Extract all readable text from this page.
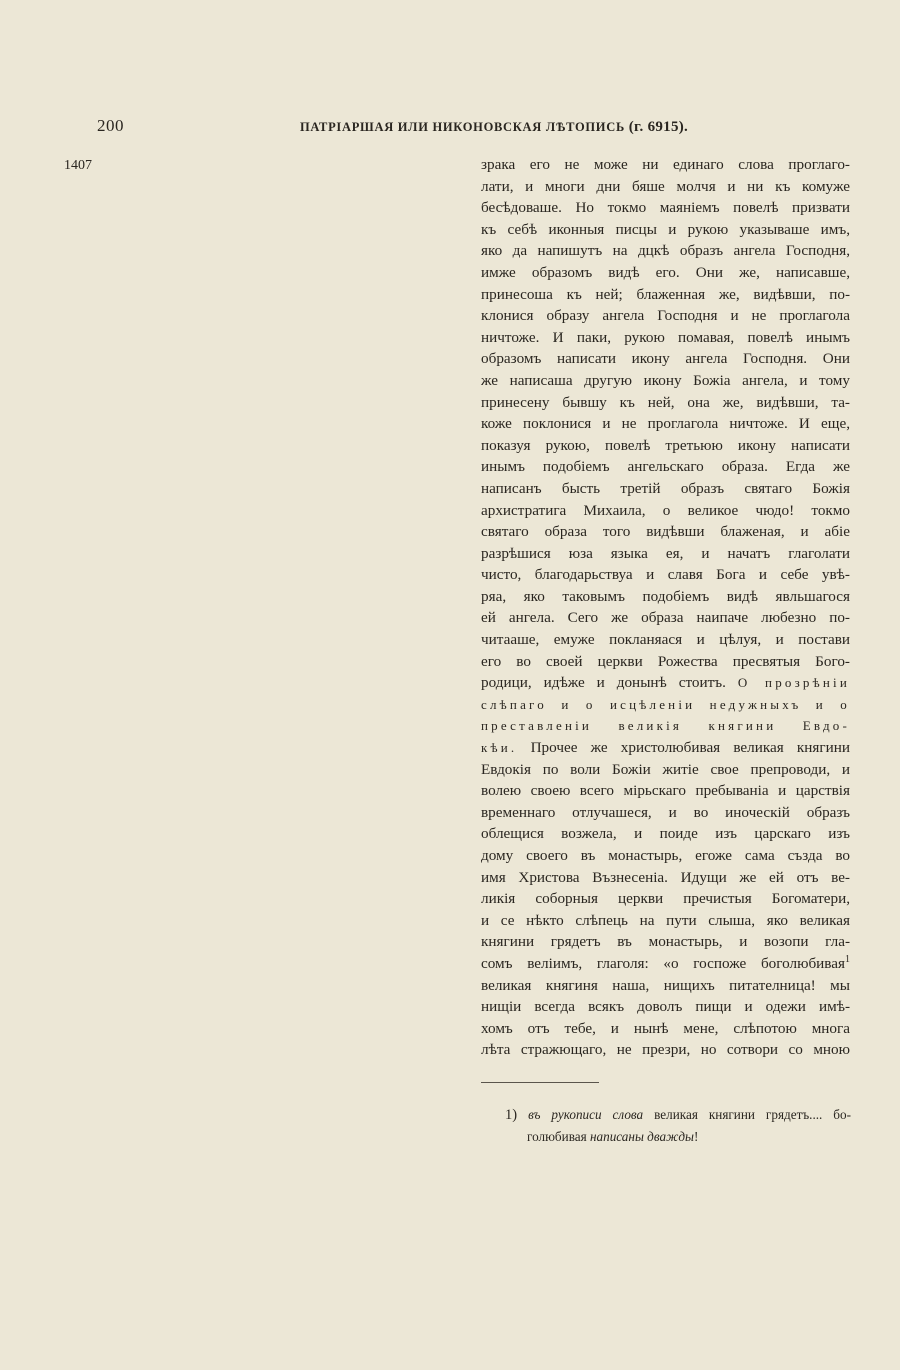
200	ПАТРІАРШАЯ ИЛИ НИКОНОВСКАЯ ЛѢТОПИСЬ (г. 6915).
1407	зрака его не може ни единаго слова проглаго-
лати, и многи дни бяше молчя и ни къ комуже
бесѣдоваше. Но токмо маяніемъ повелѣ призвати
къ себѣ иконныя писцы и рукою указываше имъ,
яко да напишутъ на дцкѣ образъ ангела Господня,
имже образомъ видѣ его. Они же, написавше,
принесоша къ ней; блаженная же, видѣвши, по-
клонися образу ангела Господня и не проглагола
ничтоже. И паки, рукою помавая, повелѣ инымъ
образомъ написати икону ангела Господня. Они
же написаша другую икону Божіа ангела, и тому
принесену бывшу къ ней, она же, видѣвши, та-
коже поклонися и не проглагола ничтоже. И еще,
показуя рукою, повелѣ третьюю икону написати
инымъ подобіемъ ангельскаго образа. Егда же
написанъ бысть третій образъ святаго Божія
архистратига Михаила, о великое чюдо! токмо
святаго образа того видѣвши блаженая, и абіе
разрѣшися юза языка ея, и начатъ глаголати
чисто, благодарьствуа и славя Бога и себе увѣ-
ряа, яко таковымъ подобіемъ видѣ явльшагося
ей ангела. Сего же образа наипаче любезно по-
читааше, емуже покланяася и цѣлуя, и постави
его во своей церкви Рожества пресвятыя Бого-
родици, идѣже и донынѣ стоитъ. О прозрѣніи
слѣпаго и о исцѣленіи недужныхъ и о
преставленіи великія княгини Евдо-
кѣи. Прочее же христолюбивая великая княгини
Евдокія по воли Божіи житіе свое препроводи, и
волею своею всего мірьскаго пребываніа и царствія
временнаго отлучашеся, и во иноческій образъ
облещися возжела, и поиде изъ царскаго изъ
дому своего въ монастырь, егоже сама създа во
имя Христова Възнесеніа. Идущи же ей отъ ве-
ликія соборныя церкви пречистыя Богоматери,
и се нѣкто слѣпець на пути слыша, яко великая
княгини грядетъ въ монастырь, и возопи гла-
сомъ веліимъ, глаголя: «о госпоже боголюбивая$^1$
великая княгиня наша, нищихъ питателница! мы
нищіи всегда всякъ доволъ пищи и одежи имѣ-
хомъ отъ тебе, и нынѣ мене, слѣпотою многа
лѣта стражющаго, не презри, но сотвори со мною
1) въ рукописи слова великая княгини грядетъ.... бо-
голюбивая написаны дважды!
